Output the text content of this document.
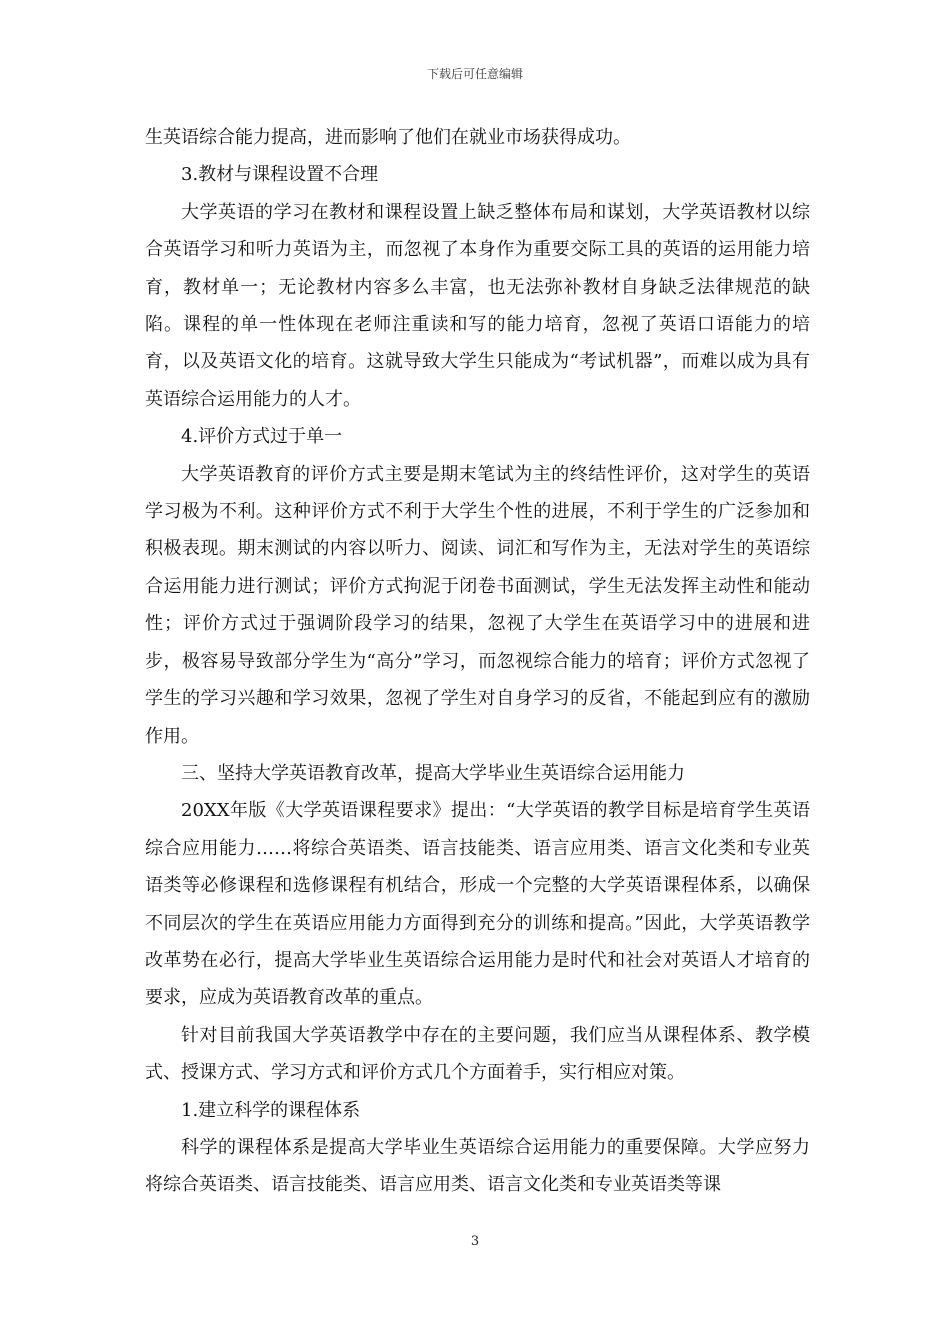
下载后可任意编辑

生英语综合能力提高，进而影响了他们在就业市场获得成功。

3.教材与课程设置不合理

大学英语的学习在教材和课程设置上缺乏整体布局和谋划，大学英语教材以综合英语学习和听力英语为主，而忽视了本身作为重要交际工具的英语的运用能力培育，教材单一；无论教材内容多么丰富，也无法弥补教材自身缺乏法律规范的缺陷。课程的单一性体现在老师注重读和写的能力培育，忽视了英语口语能力的培育，以及英语文化的培育。这就导致大学生只能成为“考试机器”，而难以成为具有英语综合运用能力的人才。

4.评价方式过于单一

大学英语教育的评价方式主要是期末笔试为主的终结性评价，这对学生的英语学习极为不利。这种评价方式不利于大学生个性的进展，不利于学生的广泛参加和积极表现。期末测试的内容以听力、阅读、词汇和写作为主，无法对学生的英语综合运用能力进行测试；评价方式拘泥于闭卷书面测试，学生无法发挥主动性和能动性；评价方式过于强调阶段学习的结果，忽视了大学生在英语学习中的进展和进步，极容易导致部分学生为“高分”学习，而忽视综合能力的培育；评价方式忽视了学生的学习兴趣和学习效果，忽视了学生对自身学习的反省，不能起到应有的激励作用。

三、坚持大学英语教育改革，提高大学毕业生英语综合运用能力

20XX年版《大学英语课程要求》提出：“大学英语的教学目标是培育学生英语综合应用能力……将综合英语类、语言技能类、语言应用类、语言文化类和专业英语类等必修课程和选修课程有机结合，形成一个完整的大学英语课程体系，以确保不同层次的学生在英语应用能力方面得到充分的训练和提高。”因此，大学英语教学改革势在必行，提高大学毕业生英语综合运用能力是时代和社会对英语人才培育的要求，应成为英语教育改革的重点。

针对目前我国大学英语教学中存在的主要问题，我们应当从课程体系、教学模式、授课方式、学习方式和评价方式几个方面着手，实行相应对策。

1.建立科学的课程体系

科学的课程体系是提高大学毕业生英语综合运用能力的重要保障。大学应努力将综合英语类、语言技能类、语言应用类、语言文化类和专业英语类等课

3
